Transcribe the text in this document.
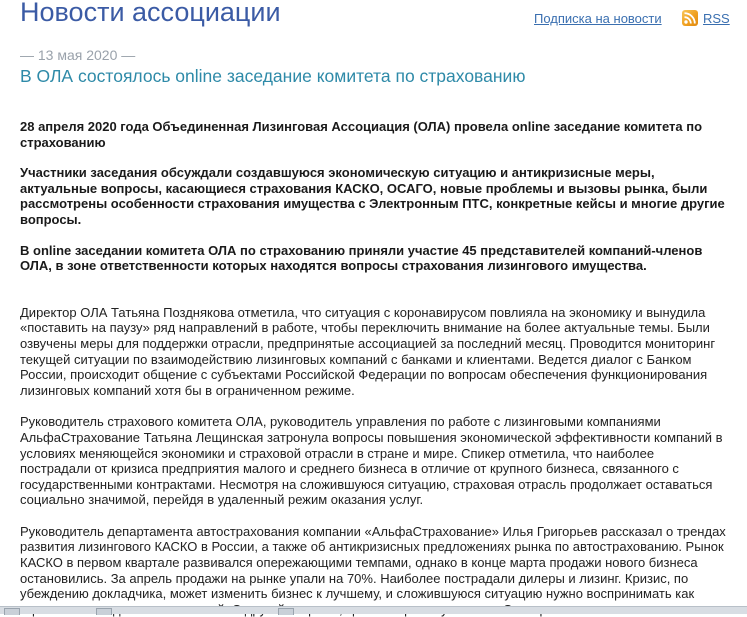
Новости ассоциации	Подписка на новости	RSS
— 13 мая 2020 —
В ОЛА состоялось online заседание комитета по страхованию

28 апреля 2020 года Объединенная Лизинговая Ассоциация (ОЛА) провела online заседание комитета по страхованию

Участники заседания обсуждали создавшуюся экономическую ситуацию и антикризисные меры, актуальные вопросы, касающиеся страхования КАСКО, ОСАГО, новые проблемы и вызовы рынка, были рассмотрены особенности страхования имущества с Электронным ПТС, конкретные кейсы и многие другие вопросы.

В online заседании комитета ОЛА по страхованию приняли участие 45 представителей компаний-членов ОЛА, в зоне ответственности которых находятся вопросы страхования лизингового имущества.

Директор ОЛА Татьяна Позднякова отметила, что ситуация с коронавирусом повлияла на экономику и вынудила «поставить на паузу» ряд направлений в работе, чтобы переключить внимание на более актуальные темы. Были озвучены меры для поддержки отрасли, предпринятые ассоциацией за последний месяц. Проводится мониторинг текущей ситуации по взаимодействию лизинговых компаний с банками и клиентами. Ведется диалог с Банком России, происходит общение с субъектами Российской Федерации по вопросам обеспечения функционирования лизинговых компаний хотя бы в ограниченном режиме.

Руководитель страхового комитета ОЛА, руководитель управления по работе с лизинговыми компаниями АльфаСтрахование Татьяна Лещинская затронула вопросы повышения экономической эффективности компаний в условиях меняющейся экономики и страховой отрасли в стране и мире. Спикер отметила, что наиболее пострадали от кризиса предприятия малого и среднего бизнеса в отличие от крупного бизнеса, связанного с государственными контрактами. Несмотря на сложившуюся ситуацию, страховая отрасль продолжает оставаться социально значимой, перейдя в удаленный режим оказания услуг.

Руководитель департамента автострахования компании «АльфаСтрахование» Илья Григорьев рассказал о трендах развития лизингового КАСКО в России, а также об антикризисных предложениях рынка по автострахованию. Рынок КАСКО в первом квартале развивался опережающими темпами, однако в конце марта продажи нового бизнеса остановились. За апрель продажи на рынке упали на 70%. Наиболее пострадали дилеры и лизинг. Кризис, по убеждению докладчика, может изменить бизнес к лучшему, и сложившуюся ситуацию нужно воспринимать как
